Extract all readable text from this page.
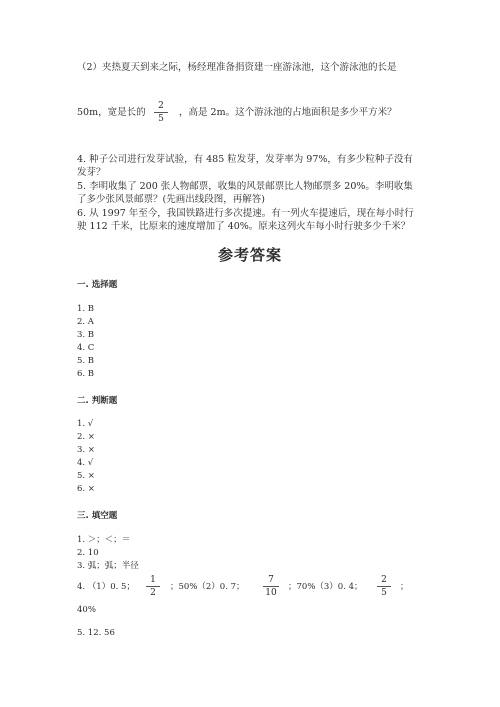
（2）夹热夏天到来之际，杨经理准备捐资建一座游泳池，这个游泳池的长是
50m，宽是长的 $\frac{2}{5}$ ，高是 2m。这个游泳池的占地面积是多少平方米？
4. 种子公司进行发芽试验，有 485 粒发芽，发芽率为 97%，有多少粒种子没有
发芽？
5. 李明收集了 200 张人物邮票，收集的风景邮票比人物邮票多 20%。李明收集
了多少张风景邮票？(先画出线段图，再解答)
6. 从 1997 年至今，我国铁路进行多次提速。有一列火车提速后，现在每小时行
驶 112 千米，比原来的速度增加了 40%。原来这列火车每小时行驶多少千米？
参考答案
一. 选择题
1. B
2. A
3. B
4. C
5. B
6. B
二. 判断题
1. √
2. ×
3. ×
4. √
5. ×
6. ×
三. 填空题
1. ＞；＜；＝
2. 10
3. 弧；弧；半径
4. （1）0. 5； $\frac{1}{2}$ ；50%（2）0. 7； $\frac{7}{10}$ ；70%（3）0. 4； $\frac{2}{5}$ ；
40%
5. 12. 56
